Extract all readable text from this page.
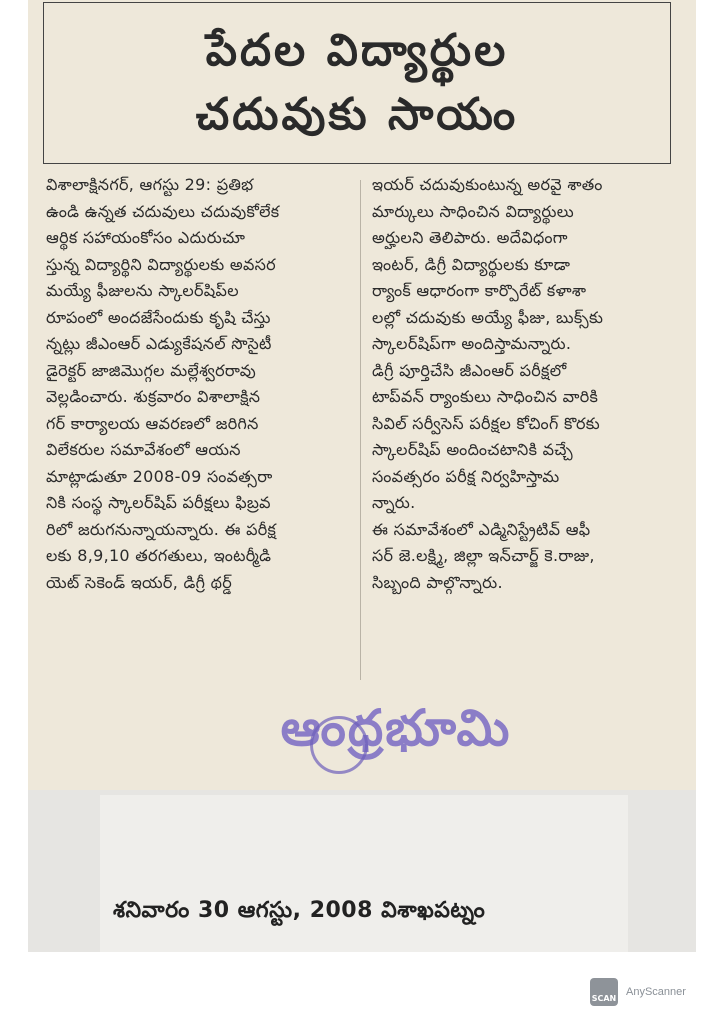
పేదల విద్యార్థుల
చదువుకు సాయం

విశాలాక్షినగర్, ఆగస్టు 29: ప్రతిభ

ఉండి ఉన్నత చదువులు చదువుకోలేక

ఆర్థిక సహాయంకోసం ఎదురుచూ

స్తున్న విద్యార్థిని విద్యార్థులకు అవసర

మయ్యే ఫీజులను స్కాలర్‌షిప్‌ల

రూపంలో అందజేసేందుకు కృషి చేస్తు

న్నట్లు జీఎంఆర్ ఎడ్యుకేషనల్ సొసైటీ

డైరెక్టర్ జాజిమొగ్గల మల్లేశ్వరరావు

వెల్లడించారు. శుక్రవారం విశాలాక్షిన

గర్ కార్యాలయ ఆవరణలో జరిగిన

విలేకరుల సమావేశంలో ఆయన

మాట్లాడుతూ 2008-09 సంవత్సరా

నికి సంస్థ స్కాలర్‌షిప్ పరీక్షలు ఫిబ్రవ

రిలో జరుగనున్నాయన్నారు. ఈ పరీక్ష

లకు 8,9,10 తరగతులు, ఇంటర్మీడి

యెట్ సెకెండ్ ఇయర్, డిగ్రీ థర్డ్

ఇయర్ చదువుకుంటున్న అరవై శాతం

మార్కులు సాధించిన విద్యార్థులు

అర్హులని తెలిపారు. అదేవిధంగా

ఇంటర్, డిగ్రీ విద్యార్థులకు కూడా

ర్యాంక్ ఆధారంగా కార్పొరేట్ కళాశా

లల్లో చదువుకు అయ్యే ఫీజు, బుక్స్‌కు

స్కాలర్‌షిప్‌గా అందిస్తామన్నారు.

డిగ్రీ పూర్తిచేసి జీఎంఆర్ పరీక్షలో

టాప్‌వన్ ర్యాంకులు సాధించిన వారికి

సివిల్ సర్వీసెస్ పరీక్షల కోచింగ్ కొరకు

స్కాలర్‌షిప్ అందించటానికి వచ్చే

సంవత్సరం పరీక్ష నిర్వహిస్తామ

న్నారు.

ఈ సమావేశంలో ఎడ్మినిస్ట్రేటివ్ ఆఫీ

సర్ జె.లక్ష్మి, జిల్లా ఇన్‌చార్జ్ కె.రాజు,

సిబ్బంది పాల్గొన్నారు.

ఆంధ్రభూమి
శనివారం 30 ఆగస్టు, 2008 విశాఖపట్నం
SCAN
AnyScanner
